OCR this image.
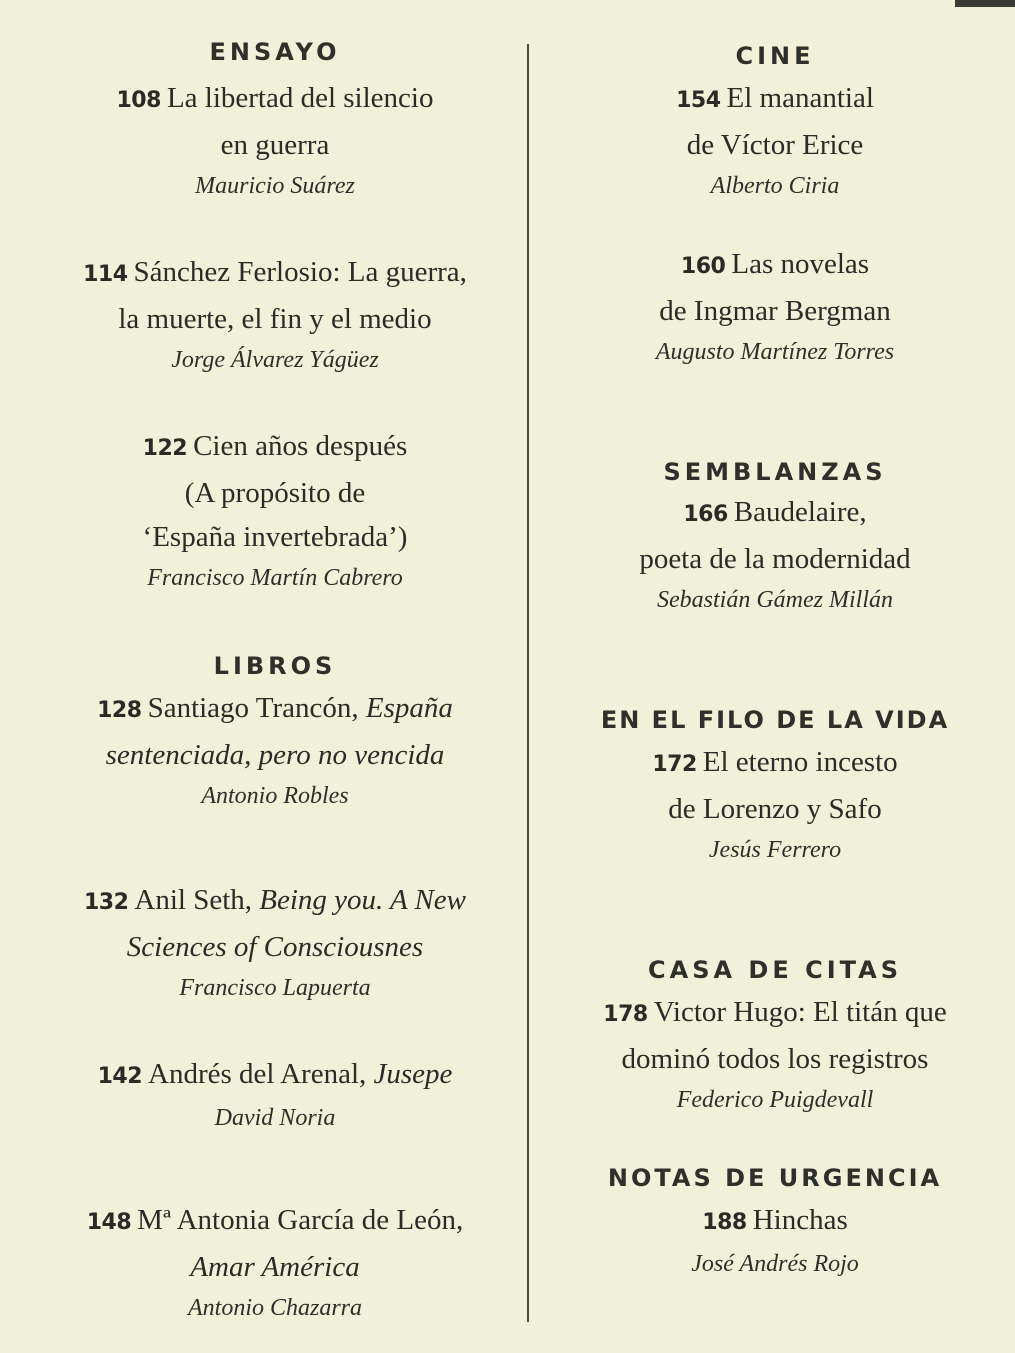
ENSAYO
108 La libertad del silencio
en guerra
Mauricio Suárez
114 Sánchez Ferlosio: La guerra,
la muerte, el fin y el medio
Jorge Álvarez Yágüez
122 Cien años después
(A propósito de
‘España invertebrada’)
Francisco Martín Cabrero
LIBROS
128 Santiago Trancón, España
sentenciada, pero no vencida
Antonio Robles
132 Anil Seth, Being you. A New
Sciences of Consciousnes
Francisco Lapuerta
142 Andrés del Arenal, Jusepe
David Noria
148 Mª Antonia García de León,
Amar América
Antonio Chazarra
CINE
154 El manantial
de Víctor Erice
Alberto Ciria
160 Las novelas
de Ingmar Bergman
Augusto Martínez Torres
SEMBLANZAS
166 Baudelaire,
poeta de la modernidad
Sebastián Gámez Millán
EN EL FILO DE LA VIDA
172 El eterno incesto
de Lorenzo y Safo
Jesús Ferrero
CASA DE CITAS
178 Victor Hugo: El titán que
dominó todos los registros
Federico Puigdevall
NOTAS DE URGENCIA
188 Hinchas
José Andrés Rojo
